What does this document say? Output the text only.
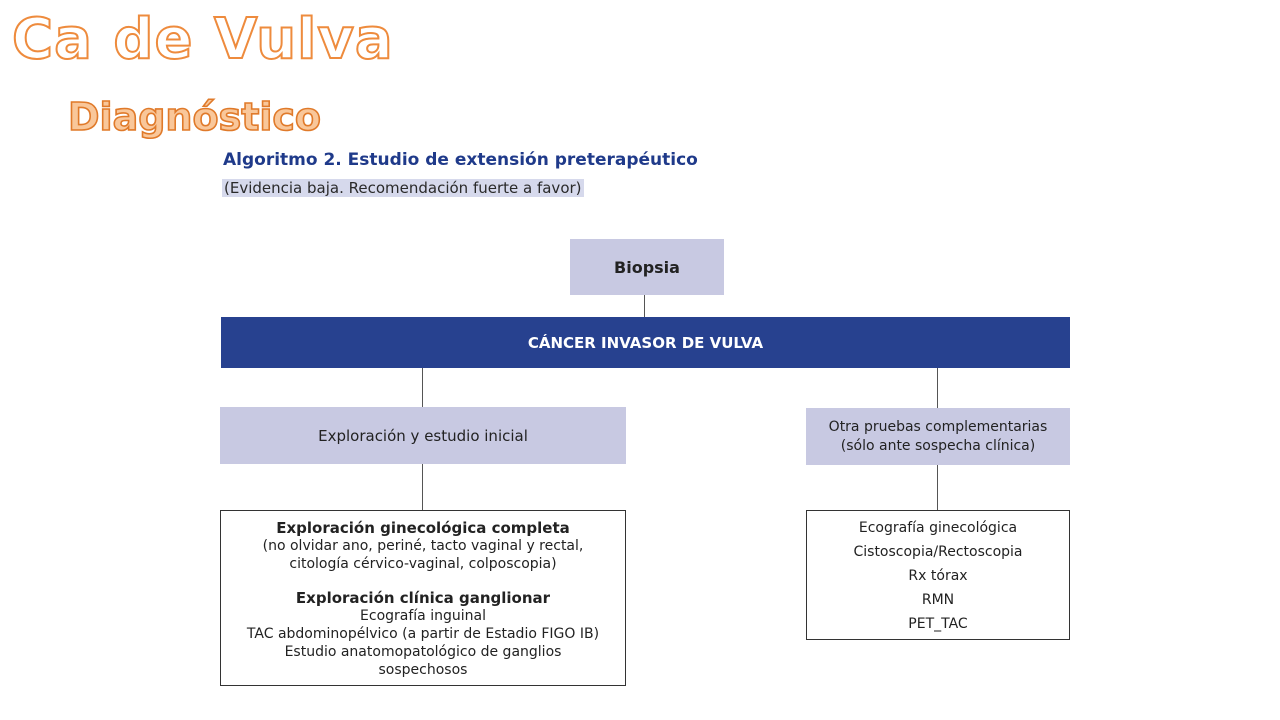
Ca de Vulva
Diagnóstico
Algoritmo 2. Estudio de extensión preterapéutico
(Evidencia baja. Recomendación fuerte a favor)
Biopsia
CÁNCER INVASOR DE VULVA
Exploración y estudio inicial	Otra pruebas complementarias
(sólo ante sospecha clínica)
Exploración ginecológica completa
(no olvidar ano, periné, tacto vaginal y rectal,
citología cérvico-vaginal, colposcopia)
Exploración clínica ganglionar
Ecografía inguinal
TAC abdominopélvico (a partir de Estadio FIGO IB)
Estudio anatomopatológico de ganglios
sospechosos
Ecografía ginecológica
Cistoscopia/Rectoscopia
Rx tórax
RMN
PET_TAC
